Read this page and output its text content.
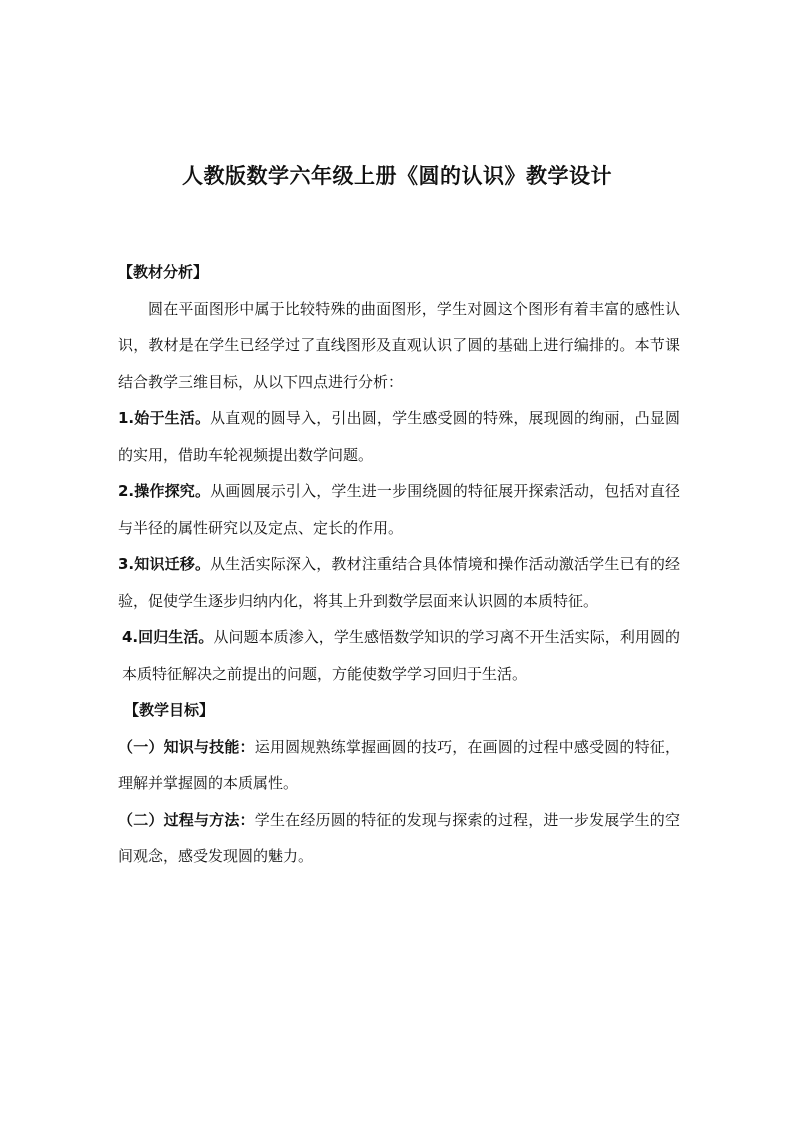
人教版数学六年级上册《圆的认识》教学设计

【教材分析】

圆在平面图形中属于比较特殊的曲面图形，学生对圆这个图形有着丰富的感性认识，教材是在学生已经学过了直线图形及直观认识了圆的基础上进行编排的。本节课结合教学三维目标，从以下四点进行分析：

1.始于生活。从直观的圆导入，引出圆，学生感受圆的特殊，展现圆的绚丽，凸显圆的实用，借助车轮视频提出数学问题。

2.操作探究。从画圆展示引入，学生进一步围绕圆的特征展开探索活动，包括对直径与半径的属性研究以及定点、定长的作用。

3.知识迁移。从生活实际深入，教材注重结合具体情境和操作活动激活学生已有的经验，促使学生逐步归纳内化，将其上升到数学层面来认识圆的本质特征。

4.回归生活。从问题本质渗入，学生感悟数学知识的学习离不开生活实际，利用圆的本质特征解决之前提出的问题，方能使数学学习回归于生活。

【教学目标】

（一）知识与技能：运用圆规熟练掌握画圆的技巧，在画圆的过程中感受圆的特征，理解并掌握圆的本质属性。

（二）过程与方法：学生在经历圆的特征的发现与探索的过程，进一步发展学生的空间观念，感受发现圆的魅力。
